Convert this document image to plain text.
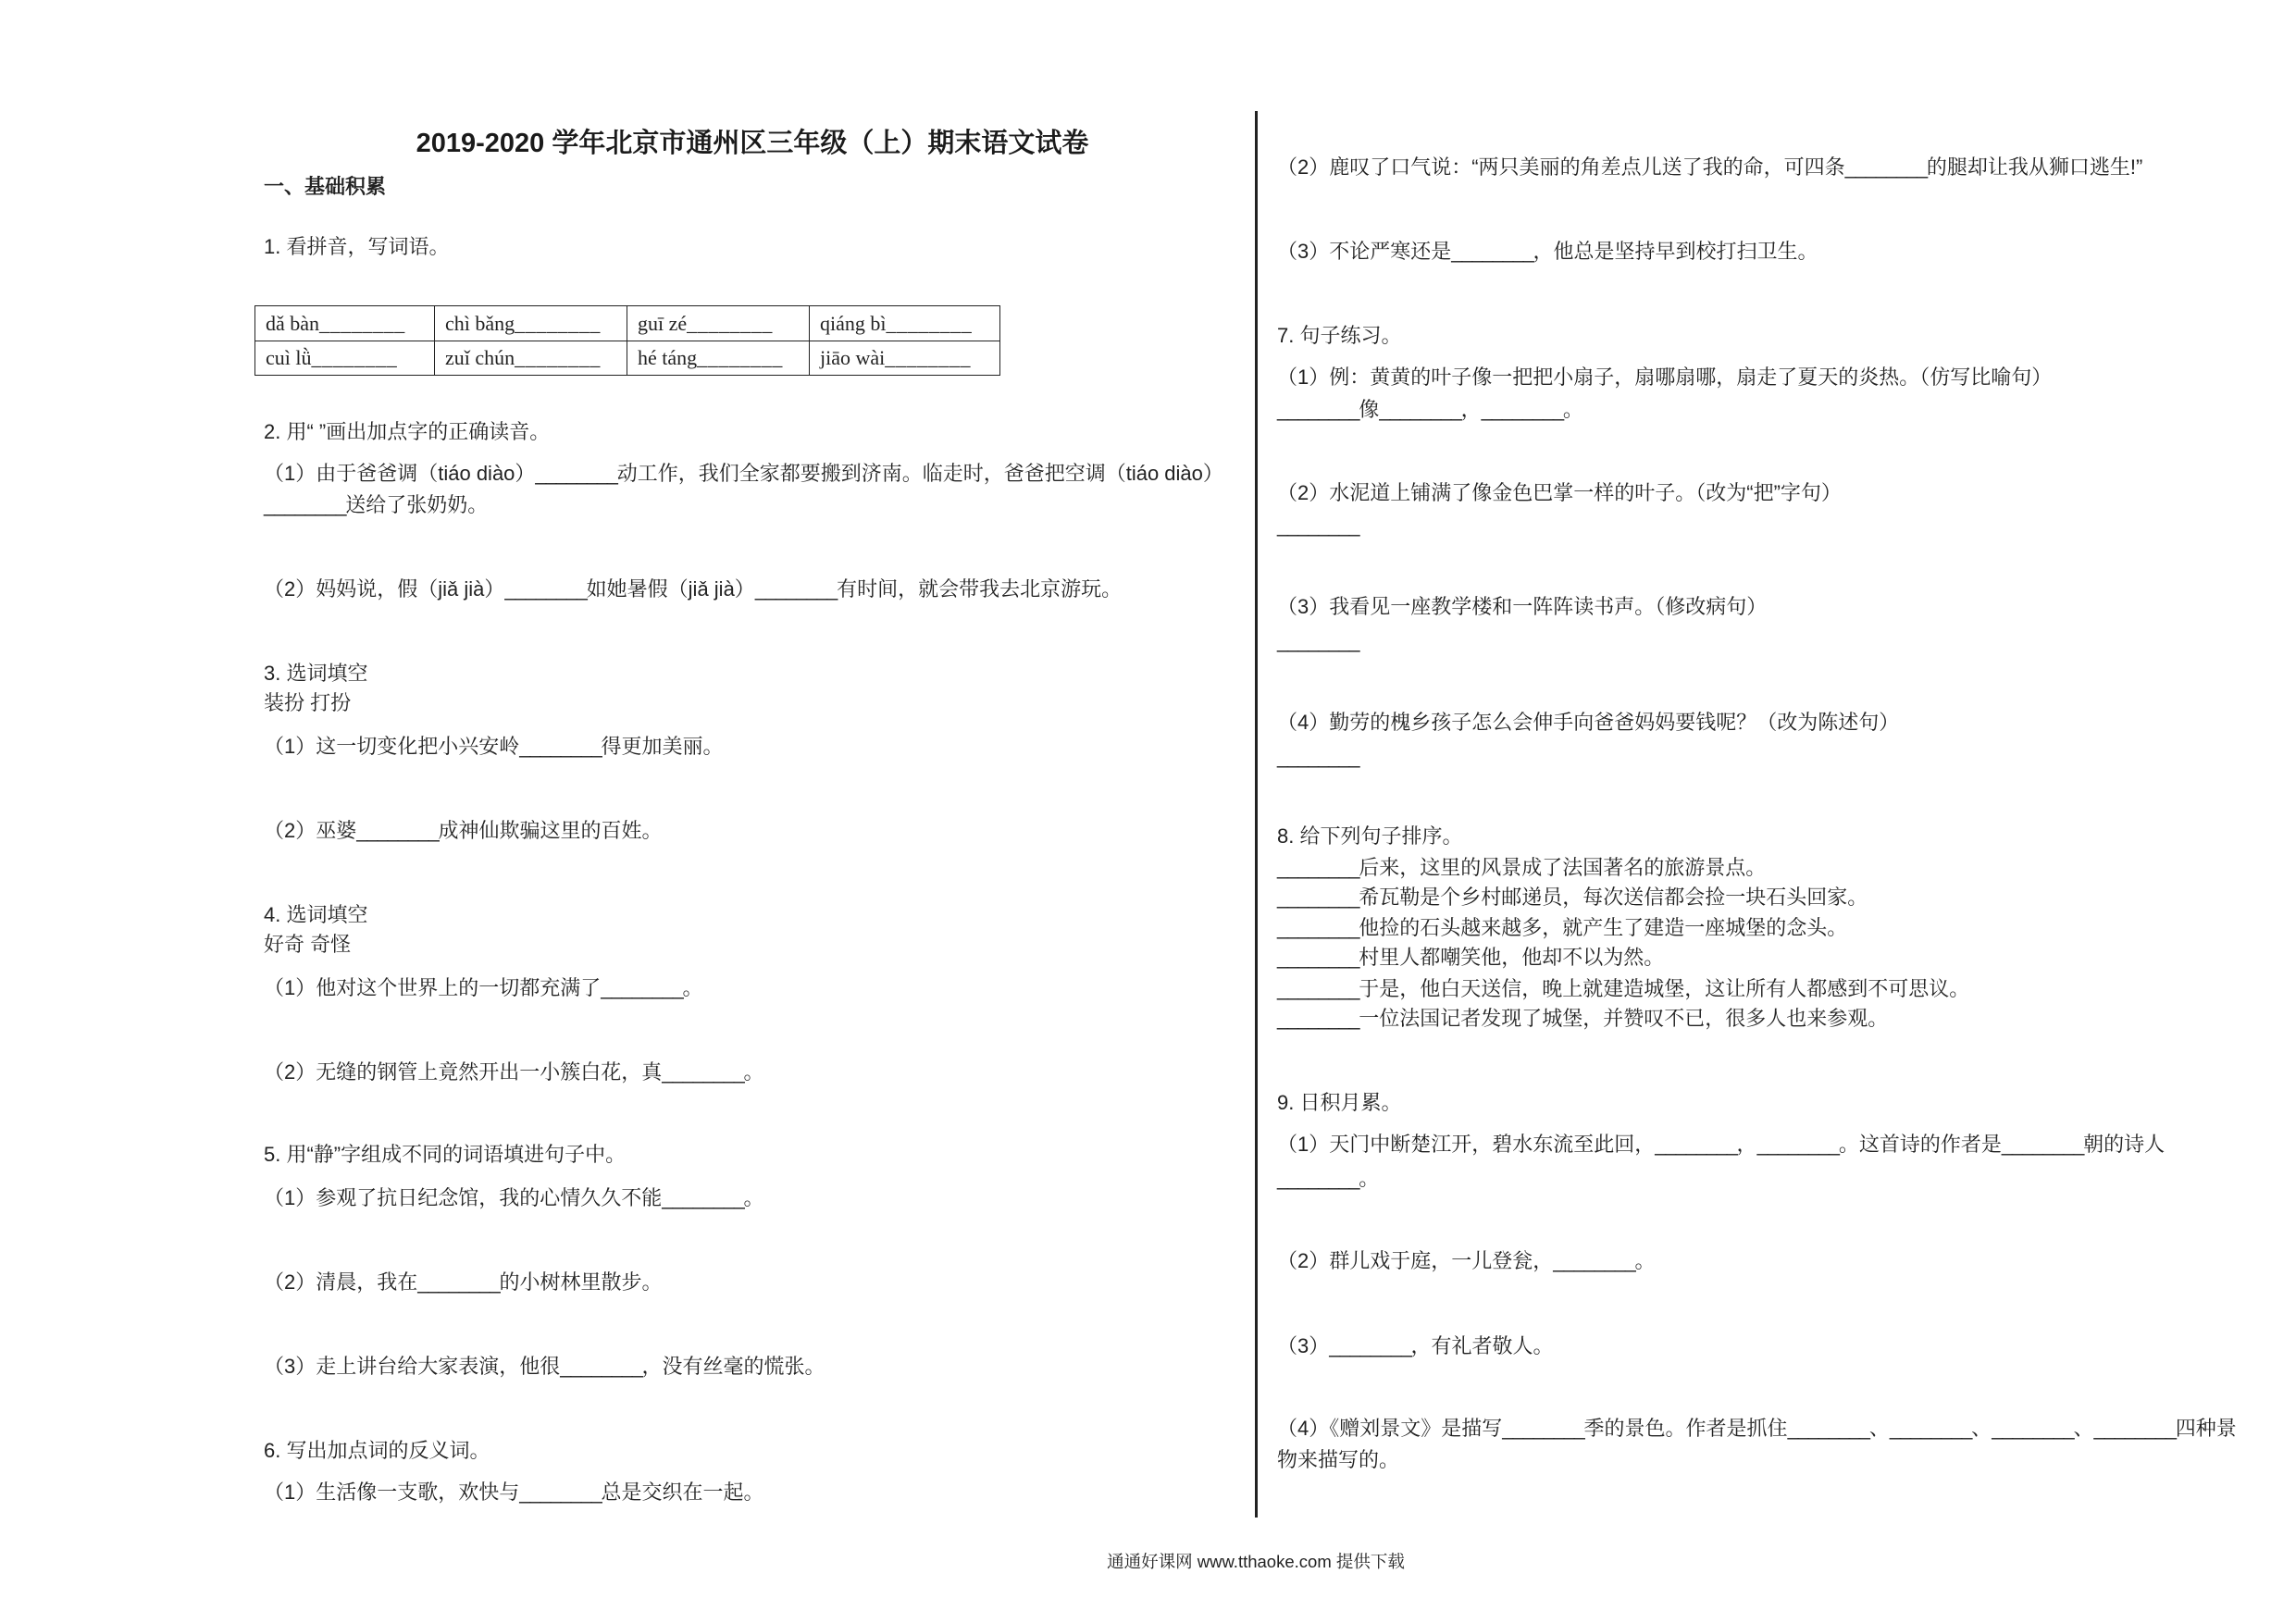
2019-2020 学年北京市通州区三年级（上）期末语文试卷
一、基础积累
1. 看拼音，写词语。
dǎ bàn________	chì bǎng________	guī zé________	qiáng bì________
cuì lǜ________	zuǐ chún________	hé táng________	jiāo wài________
2. 用“ ”画出加点字的正确读音。
（1）由于爸爸调（tiáo diào）________动工作，我们全家都要搬到济南。临走时，爸爸把空调（tiáo diào）
________送给了张奶奶。
（2）妈妈说，假（jiǎ jià）________如她暑假（jiǎ jià）________有时间，就会带我去北京游玩。
3. 选词填空
装扮 打扮
（1）这一切变化把小兴安岭________得更加美丽。
（2）巫婆________成神仙欺骗这里的百姓。
4. 选词填空
好奇 奇怪
（1）他对这个世界上的一切都充满了________。
（2）无缝的钢管上竟然开出一小簇白花，真________。
5. 用“静”字组成不同的词语填进句子中。
（1）参观了抗日纪念馆，我的心情久久不能________。
（2）清晨，我在________的小树林里散步。
（3）走上讲台给大家表演，他很________，没有丝毫的慌张。
6. 写出加点词的反义词。
（1）生活像一支歌，欢快与________总是交织在一起。
（2）鹿叹了口气说：“两只美丽的角差点儿送了我的命，可四条________的腿却让我从狮口逃生!”
（3）不论严寒还是________，他总是坚持早到校打扫卫生。
7. 句子练习。
（1）例：黄黄的叶子像一把把小扇子，扇哪扇哪，扇走了夏天的炎热。（仿写比喻句）
________像________，________。
（2）水泥道上铺满了像金色巴掌一样的叶子。（改为“把”字句）
________
（3）我看见一座教学楼和一阵阵读书声。（修改病句）
________
（4）勤劳的槐乡孩子怎么会伸手向爸爸妈妈要钱呢？（改为陈述句）
________
8. 给下列句子排序。
________后来，这里的风景成了法国著名的旅游景点。
________希瓦勒是个乡村邮递员，每次送信都会捡一块石头回家。
________他捡的石头越来越多，就产生了建造一座城堡的念头。
________村里人都嘲笑他，他却不以为然。
________于是，他白天送信，晚上就建造城堡，这让所有人都感到不可思议。
________一位法国记者发现了城堡，并赞叹不已，很多人也来参观。
9. 日积月累。
（1）天门中断楚江开，碧水东流至此回，________，________。这首诗的作者是________朝的诗人
________。
（2）群儿戏于庭，一儿登瓮，________。
（3）________，有礼者敬人。
（4）《赠刘景文》是描写________季的景色。作者是抓住________、________、________、________四种景
物来描写的。
通通好课网 www.tthaoke.com 提供下载
